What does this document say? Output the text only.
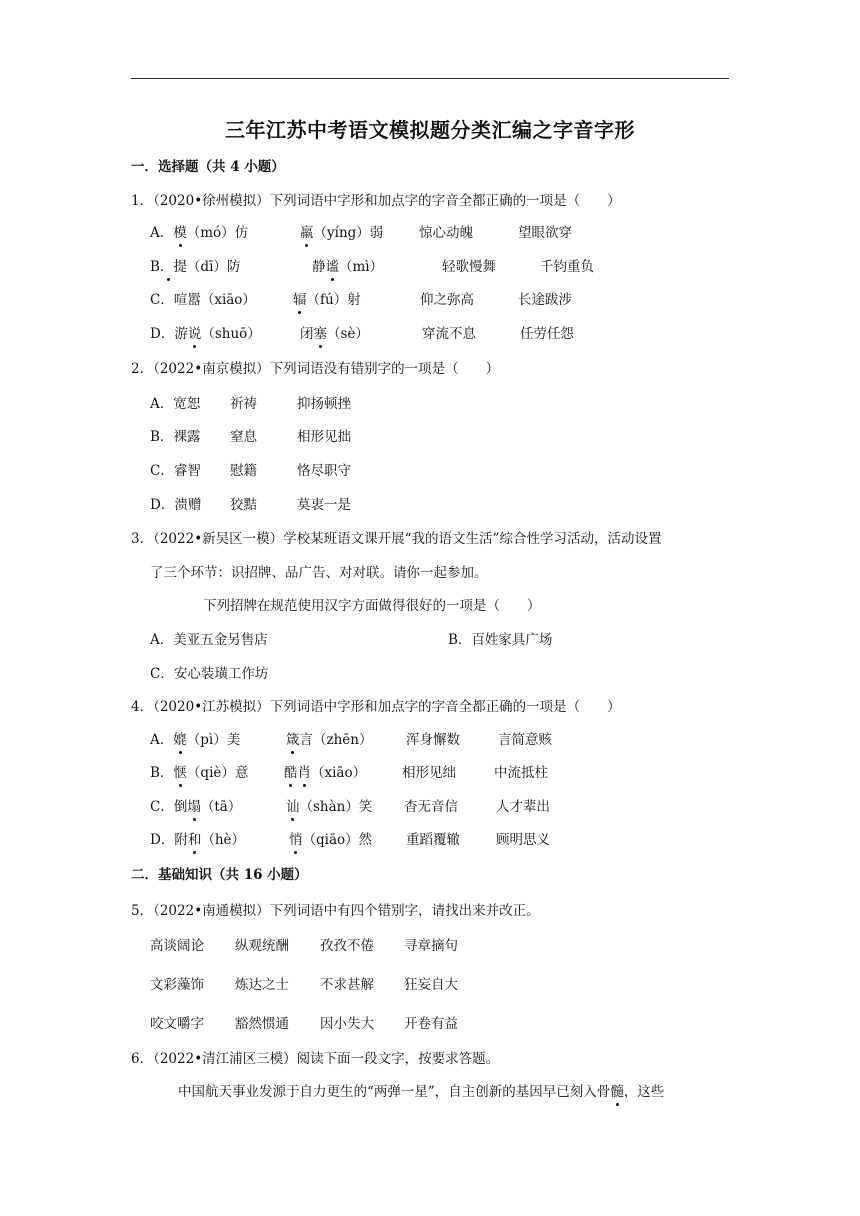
三年江苏中考语文模拟题分类汇编之字音字形
一．选择题（共 4 小题）
1．（2020•徐州模拟）下列词语中字形和加点字的字音全都正确的一项是（　　）
A．模（mó）仿	羸（yíng）弱	惊心动魄	望眼欲穿
B．提（dī）防	静谧（mì）	轻歌慢舞	千钧重负
C．喧嚣（xiāo）	辐（fú）射	仰之弥高	长途跋涉
D．游说（shuō）	闭塞（sè）	穿流不息	任劳任怨
2．（2022•南京模拟）下列词语没有错别字的一项是（　　）
A．宽恕 祈祷	抑扬顿挫
B．裸露 窒息	相形见拙
C．睿智 慰籍	恪尽职守
D．溃赠 狡黠	莫衷一是
3．（2022•新吴区一模）学校某班语文课开展“我的语文生活”综合性学习活动，活动设置
了三个环节：识招牌、品广告、对对联。请你一起参加。
下列招牌在规范使用汉字方面做得很好的一项是（　　）
A．美亚五金另售店	B．百姓家具广场
C．安心装璜工作坊
4．（2020•江苏模拟）下列词语中字形和加点字的字音全都正确的一项是（　　）
A．媲（pì）美	箴言（zhēn） 浑身懈数	言简意赅
B．惬（qiè）意	酷肖（xiāo）	相形见绌	中流抵柱
C．倒塌（tā）	讪（shàn）笑 杳无音信	人才辈出
D．附和（hè）	悄（qiāo）然	重蹈覆辙	顾明思义
二．基础知识（共 16 小题）
5．（2022•南通模拟）下列词语中有四个错别字，请找出来并改正。
高谈阔论 纵观统酬 孜孜不倦 寻章摘句
文彩藻饰 炼达之士 不求甚解 狂妄自大
咬文嚼字 豁然惯通 因小失大 开卷有益
6．（2022•清江浦区三模）阅读下面一段文字，按要求答题。
中国航天事业发源于自力更生的“两弹一星”，自主创新的基因早已刻入骨髓，这些
